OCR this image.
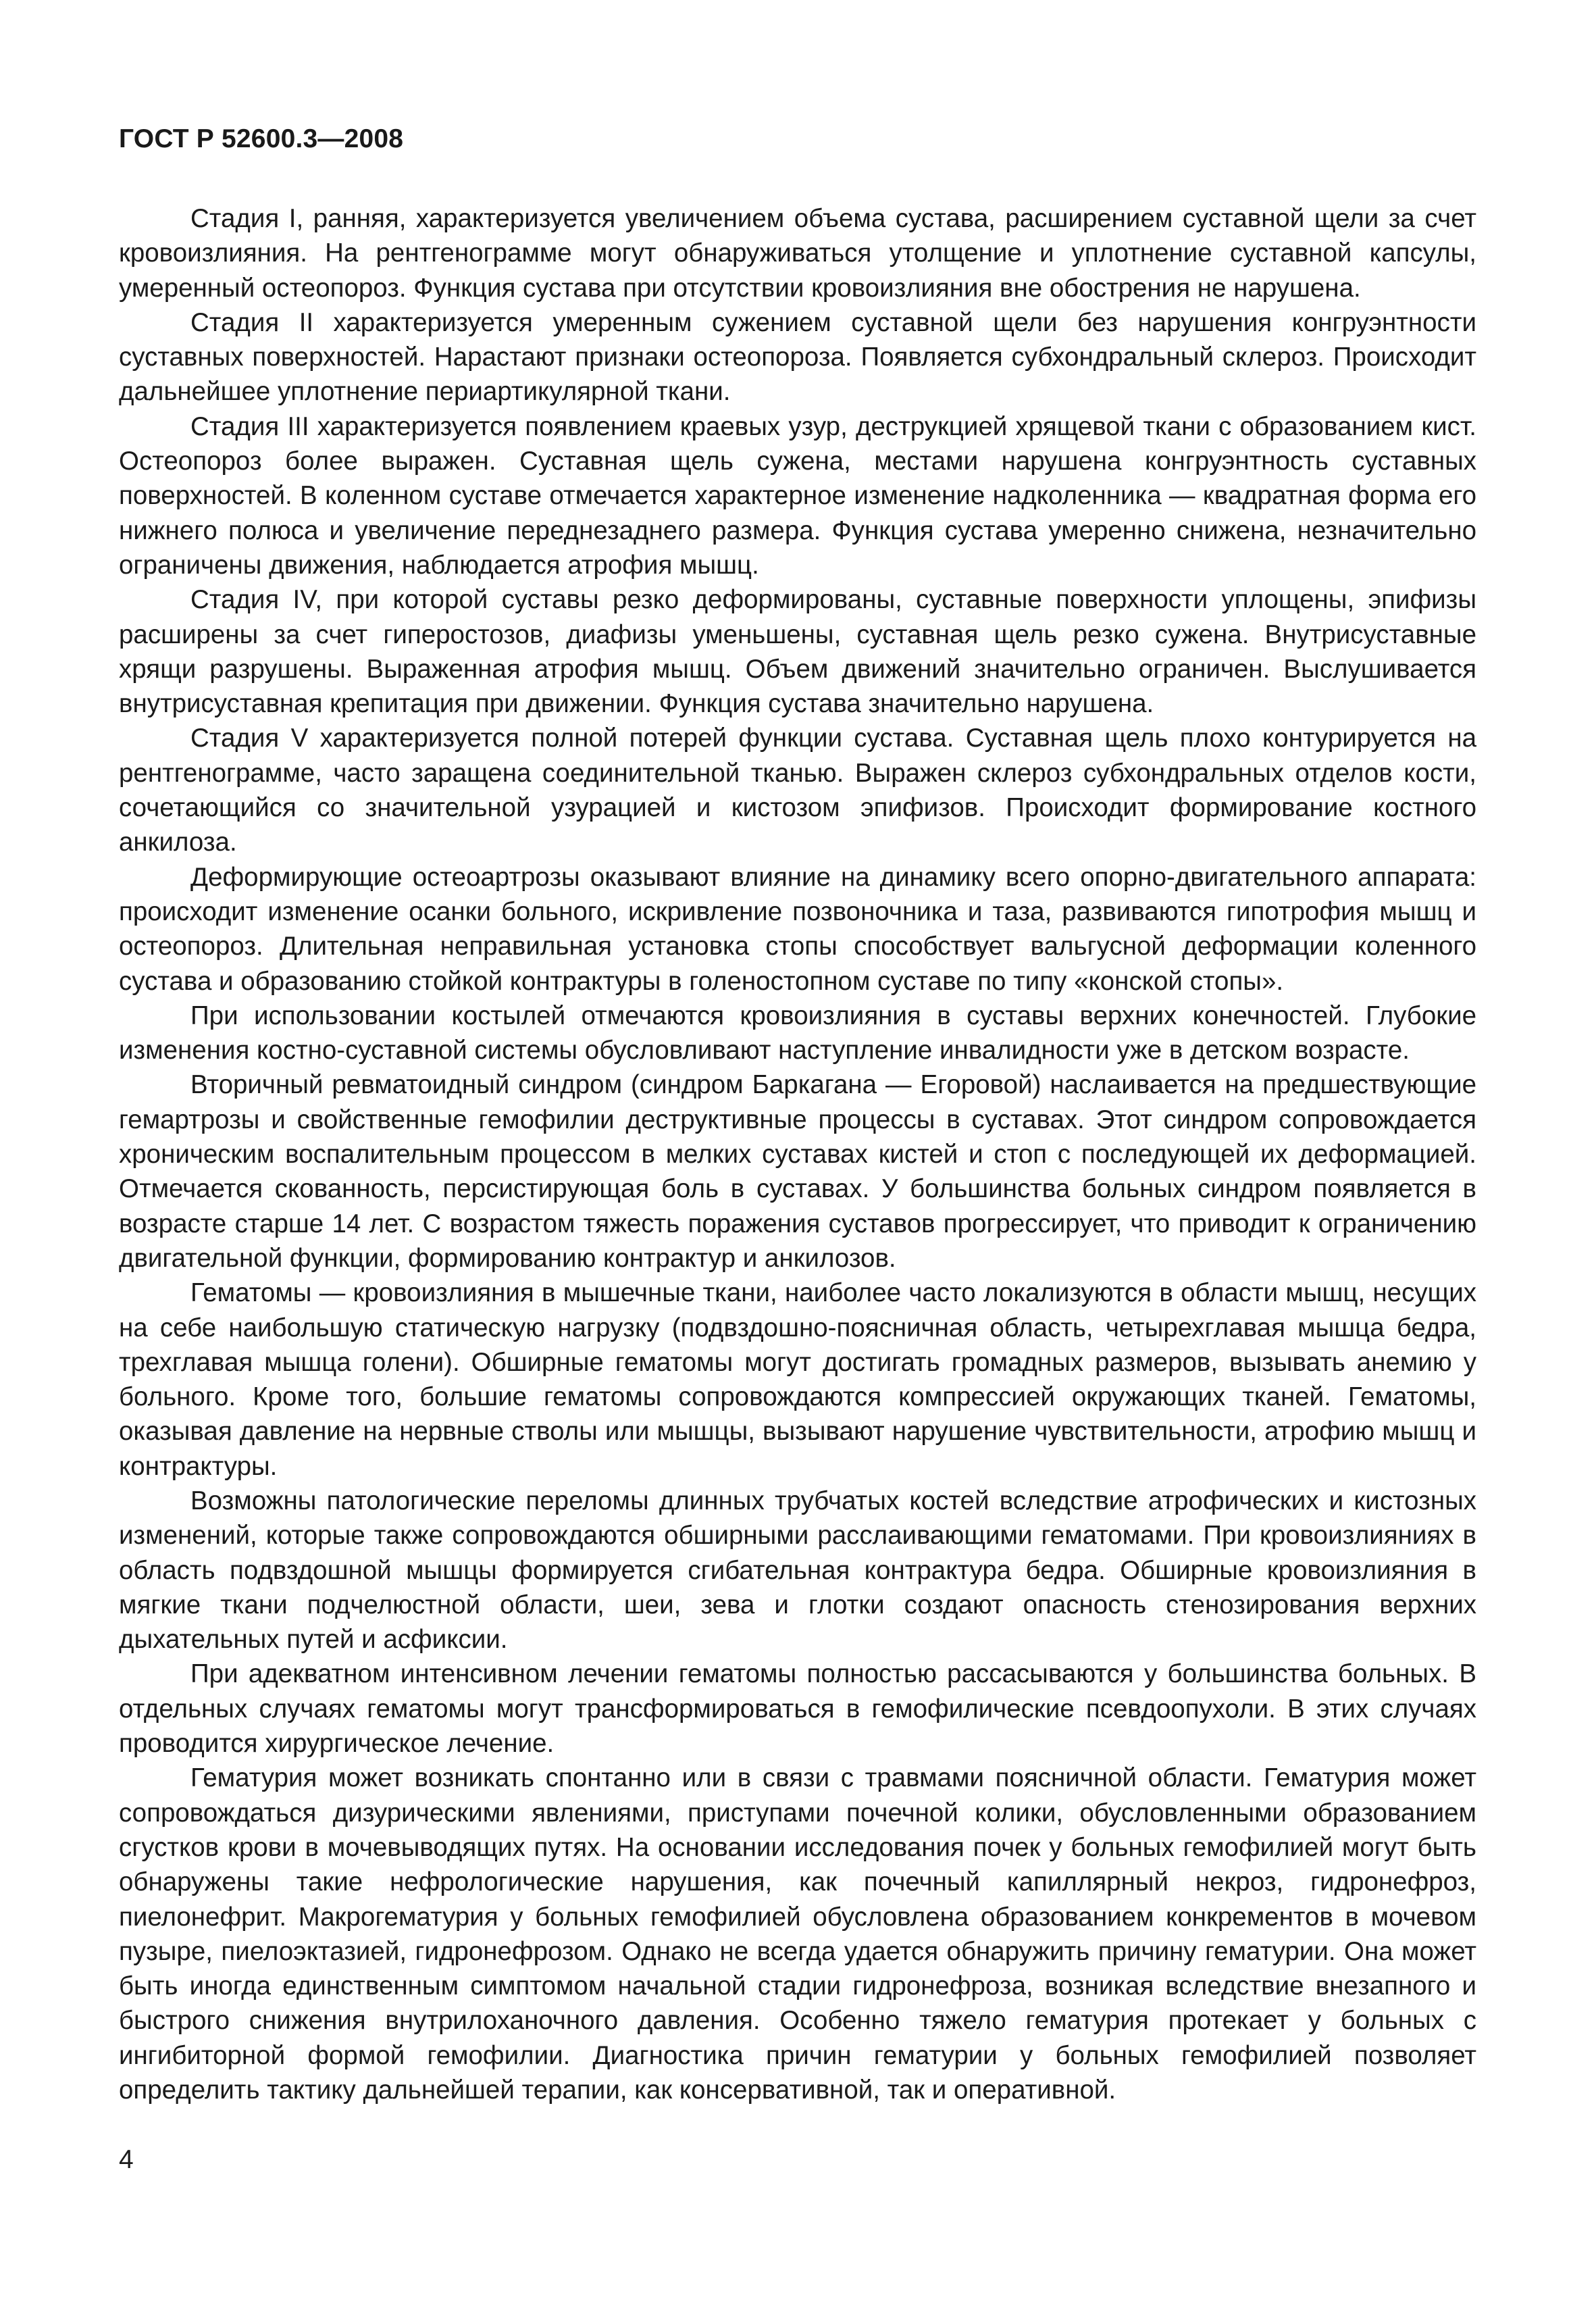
ГОСТ Р 52600.3—2008

Стадия I, ранняя, характеризуется увеличением объема сустава, расширением суставной щели за счет кровоизлияния. На рентгенограмме могут обнаруживаться утолщение и уплотнение суставной капсулы, умеренный остеопороз. Функция сустава при отсутствии кровоизлияния вне обострения не нарушена.

Стадия II характеризуется умеренным сужением суставной щели без нарушения конгруэнтности суставных поверхностей. Нарастают признаки остеопороза. Появляется субхондральный склероз. Происходит дальнейшее уплотнение периартикулярной ткани.

Стадия III характеризуется появлением краевых узур, деструкцией хрящевой ткани с образованием кист. Остеопороз более выражен. Суставная щель сужена, местами нарушена конгруэнтность суставных поверхностей. В коленном суставе отмечается характерное изменение надколенника — квадратная форма его нижнего полюса и увеличение переднезаднего размера. Функция сустава умеренно снижена, незначительно ограничены движения, наблюдается атрофия мышц.

Стадия IV, при которой суставы резко деформированы, суставные поверхности уплощены, эпифизы расширены за счет гиперостозов, диафизы уменьшены, суставная щель резко сужена. Внутрисуставные хрящи разрушены. Выраженная атрофия мышц. Объем движений значительно ограничен. Выслушивается внутрисуставная крепитация при движении. Функция сустава значительно нарушена.

Стадия V характеризуется полной потерей функции сустава. Суставная щель плохо контурируется на рентгенограмме, часто заращена соединительной тканью. Выражен склероз субхондральных отделов кости, сочетающийся со значительной узурацией и кистозом эпифизов. Происходит формирование костного анкилоза.

Деформирующие остеоартрозы оказывают влияние на динамику всего опорно-двигательного аппарата: происходит изменение осанки больного, искривление позвоночника и таза, развиваются гипотрофия мышц и остеопороз. Длительная неправильная установка стопы способствует вальгусной деформации коленного сустава и образованию стойкой контрактуры в голеностопном суставе по типу «конской стопы».

При использовании костылей отмечаются кровоизлияния в суставы верхних конечностей. Глубокие изменения костно-суставной системы обусловливают наступление инвалидности уже в детском возрасте.

Вторичный ревматоидный синдром (синдром Баркагана — Егоровой) наслаивается на предшествующие гемартрозы и свойственные гемофилии деструктивные процессы в суставах. Этот синдром сопровождается хроническим воспалительным процессом в мелких суставах кистей и стоп с последующей их деформацией. Отмечается скованность, персистирующая боль в суставах. У большинства больных синдром появляется в возрасте старше 14 лет. С возрастом тяжесть поражения суставов прогрессирует, что приводит к ограничению двигательной функции, формированию контрактур и анкилозов.

Гематомы — кровоизлияния в мышечные ткани, наиболее часто локализуются в области мышц, несущих на себе наибольшую статическую нагрузку (подвздошно-поясничная область, четырехглавая мышца бедра, трехглавая мышца голени). Обширные гематомы могут достигать громадных размеров, вызывать анемию у больного. Кроме того, большие гематомы сопровождаются компрессией окружающих тканей. Гематомы, оказывая давление на нервные стволы или мышцы, вызывают нарушение чувствительности, атрофию мышц и контрактуры.

Возможны патологические переломы длинных трубчатых костей вследствие атрофических и кистозных изменений, которые также сопровождаются обширными расслаивающими гематомами. При кровоизлияниях в область подвздошной мышцы формируется сгибательная контрактура бедра. Обширные кровоизлияния в мягкие ткани подчелюстной области, шеи, зева и глотки создают опасность стенозирования верхних дыхательных путей и асфиксии.

При адекватном интенсивном лечении гематомы полностью рассасываются у большинства больных. В отдельных случаях гематомы могут трансформироваться в гемофилические псевдоопухоли. В этих случаях проводится хирургическое лечение.

Гематурия может возникать спонтанно или в связи с травмами поясничной области. Гематурия может сопровождаться дизурическими явлениями, приступами почечной колики, обусловленными образованием сгустков крови в мочевыводящих путях. На основании исследования почек у больных гемофилией могут быть обнаружены такие нефрологические нарушения, как почечный капиллярный некроз, гидронефроз, пиелонефрит. Макрогематурия у больных гемофилией обусловлена образованием конкрементов в мочевом пузыре, пиелоэктазией, гидронефрозом. Однако не всегда удается обнаружить причину гематурии. Она может быть иногда единственным симптомом начальной стадии гидронефроза, возникая вследствие внезапного и быстрого снижения внутрилоханочного давления. Особенно тяжело гематурия протекает у больных с ингибиторной формой гемофилии. Диагностика причин гематурии у больных гемофилией позволяет определить тактику дальнейшей терапии, как консервативной, так и оперативной.

4
